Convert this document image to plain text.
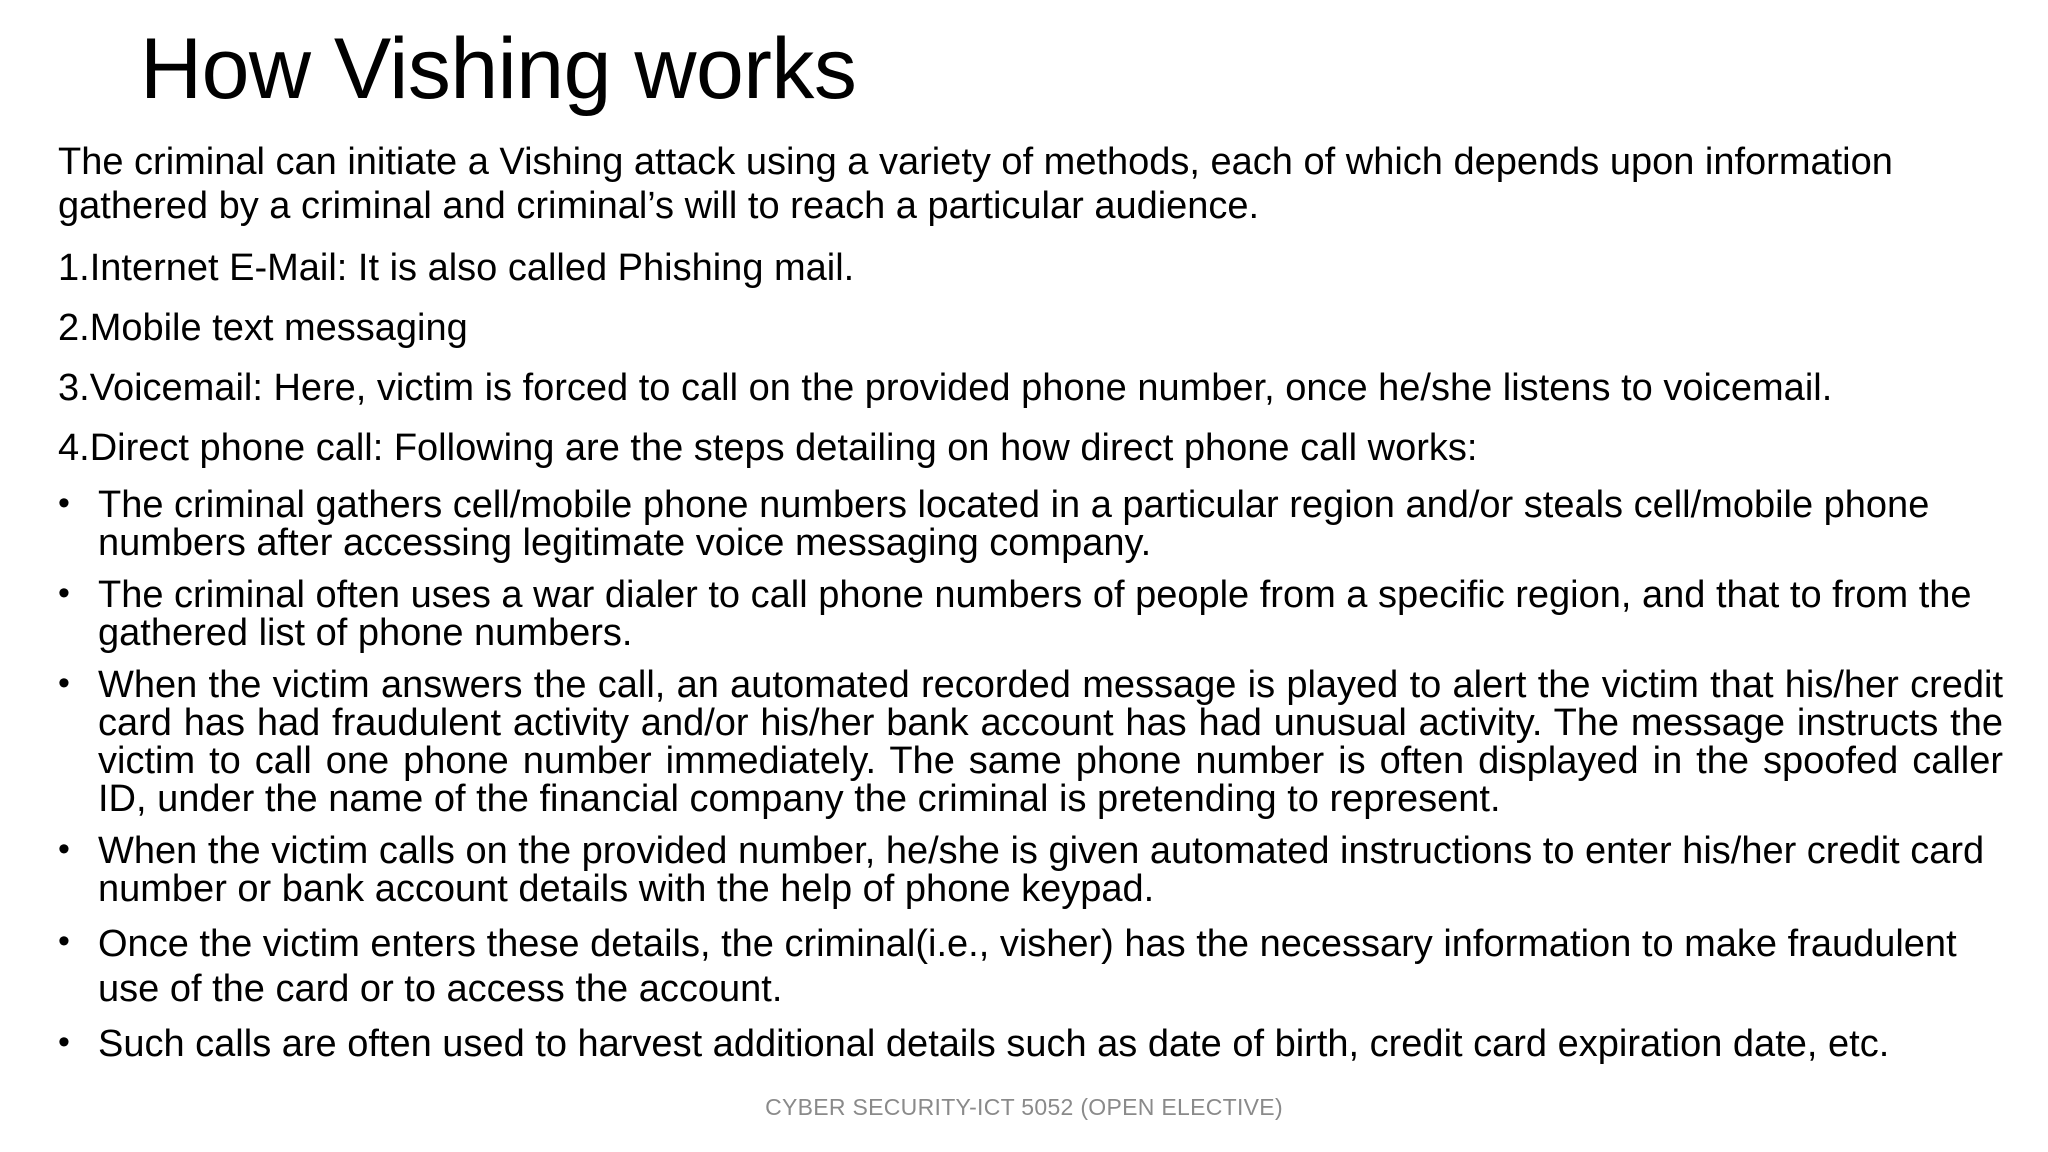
How Vishing works

The criminal can initiate a Vishing attack using a variety of methods, each of which depends upon information gathered by a criminal and criminal’s will to reach a particular audience.

1.Internet E-Mail: It is also called Phishing mail.

2.Mobile text messaging

3.Voicemail: Here, victim is forced to call on the provided phone number, once he/she listens to voicemail.

4.Direct phone call: Following are the steps detailing on how direct phone call works:

• The criminal gathers cell/mobile phone numbers located in a particular region and/or steals cell/mobile phone numbers after accessing legitimate voice messaging company.
• The criminal often uses a war dialer to call phone numbers of people from a specific region, and that to from the gathered list of phone numbers.
• When the victim answers the call, an automated recorded message is played to alert the victim that his/her credit card has had fraudulent activity and/or his/her bank account has had unusual activity. The message instructs the victim to call one phone number immediately. The same phone number is often displayed in the spoofed caller ID, under the name of the financial company the criminal is pretending to represent.
• When the victim calls on the provided number, he/she is given automated instructions to enter his/her credit card number or bank account details with the help of phone keypad.
• Once the victim enters these details, the criminal(i.e., visher) has the necessary information to make fraudulent use of the card or to access the account.
• Such calls are often used to harvest additional details such as date of birth, credit card expiration date, etc.
CYBER SECURITY-ICT 5052 (OPEN ELECTIVE)
